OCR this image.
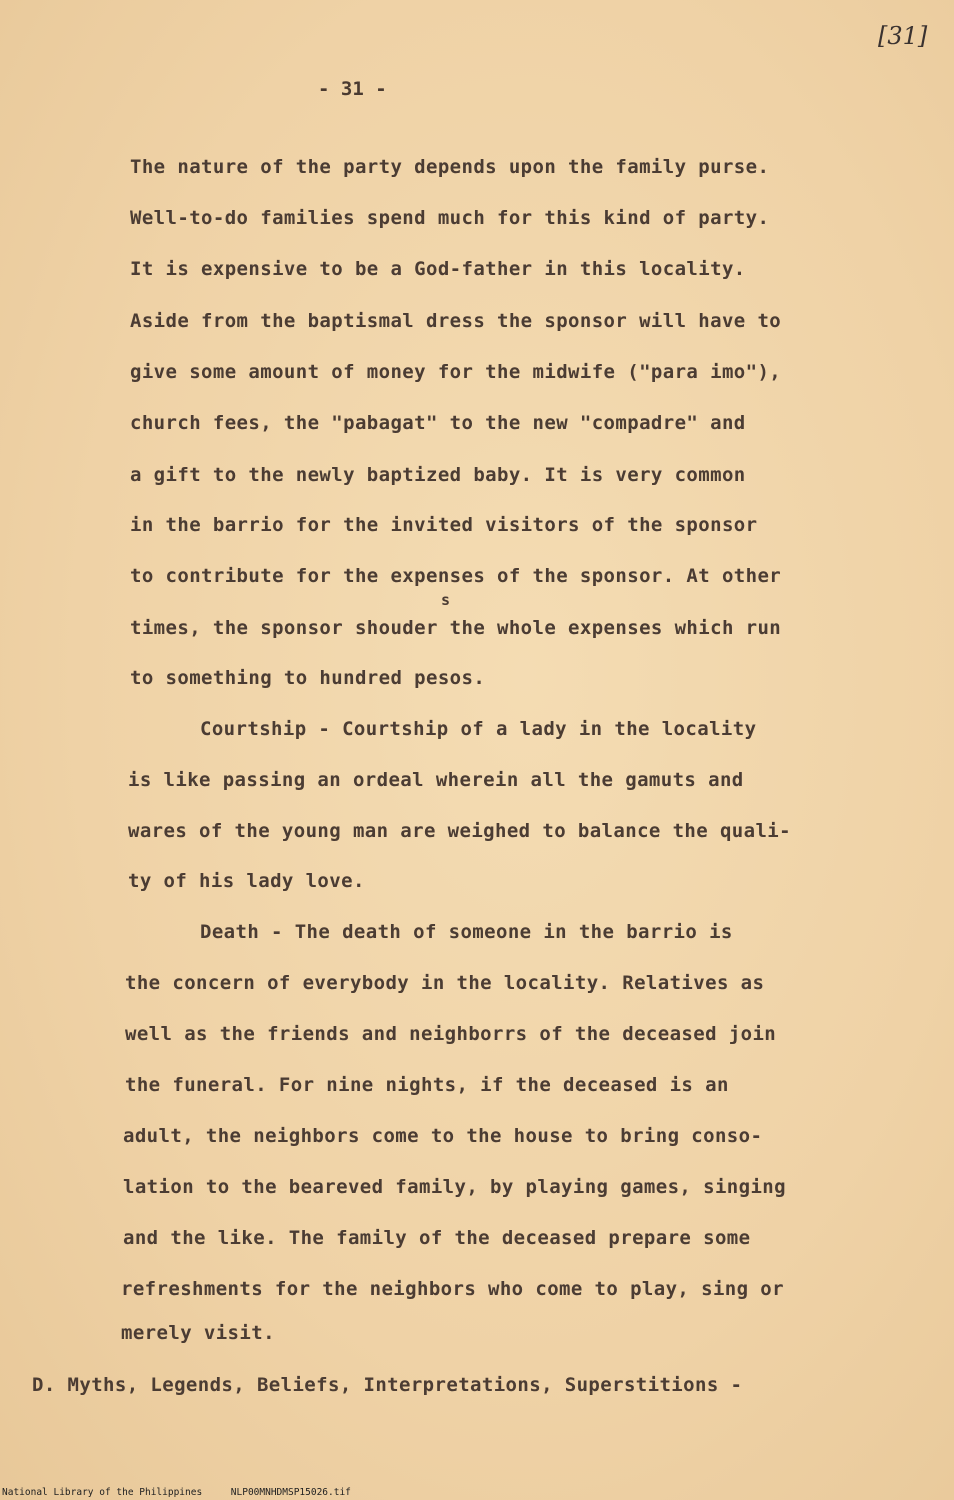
[31]
- 31 -
The nature of the party depends upon the family purse.
Well-to-do families spend much for this kind of party.
It is expensive to be a God-father in this locality.
Aside from the baptismal dress the sponsor will have to
give some amount of money for the midwife ("para imo"),
church fees, the "pabagat" to the new "compadre" and
a gift to the newly baptized baby. It is very common
in the barrio for the invited visitors of the sponsor
to contribute for the expenses of the sponsor. At other
s
times, the sponsor shouder the whole expenses which run
to something to hundred pesos.
Courtship - Courtship of a lady in the locality
is like passing an ordeal wherein all the gamuts and
wares of the young man are weighed to balance the quali-
ty of his lady love.
Death - The death of someone in the barrio is
the concern of everybody in the locality. Relatives as
well as the friends and neighborrs of the deceased join
the funeral. For nine nights, if the deceased is an
adult, the neighbors come to the house to bring conso-
lation to the beareved family, by playing games, singing
and the like. The family of the deceased prepare some
refreshments for the neighbors who come to play, sing or
merely visit.
D. Myths, Legends, Beliefs, Interpretations, Superstitions -
National Library of the Philippines     NLP00MNHDMSP15026.tif
